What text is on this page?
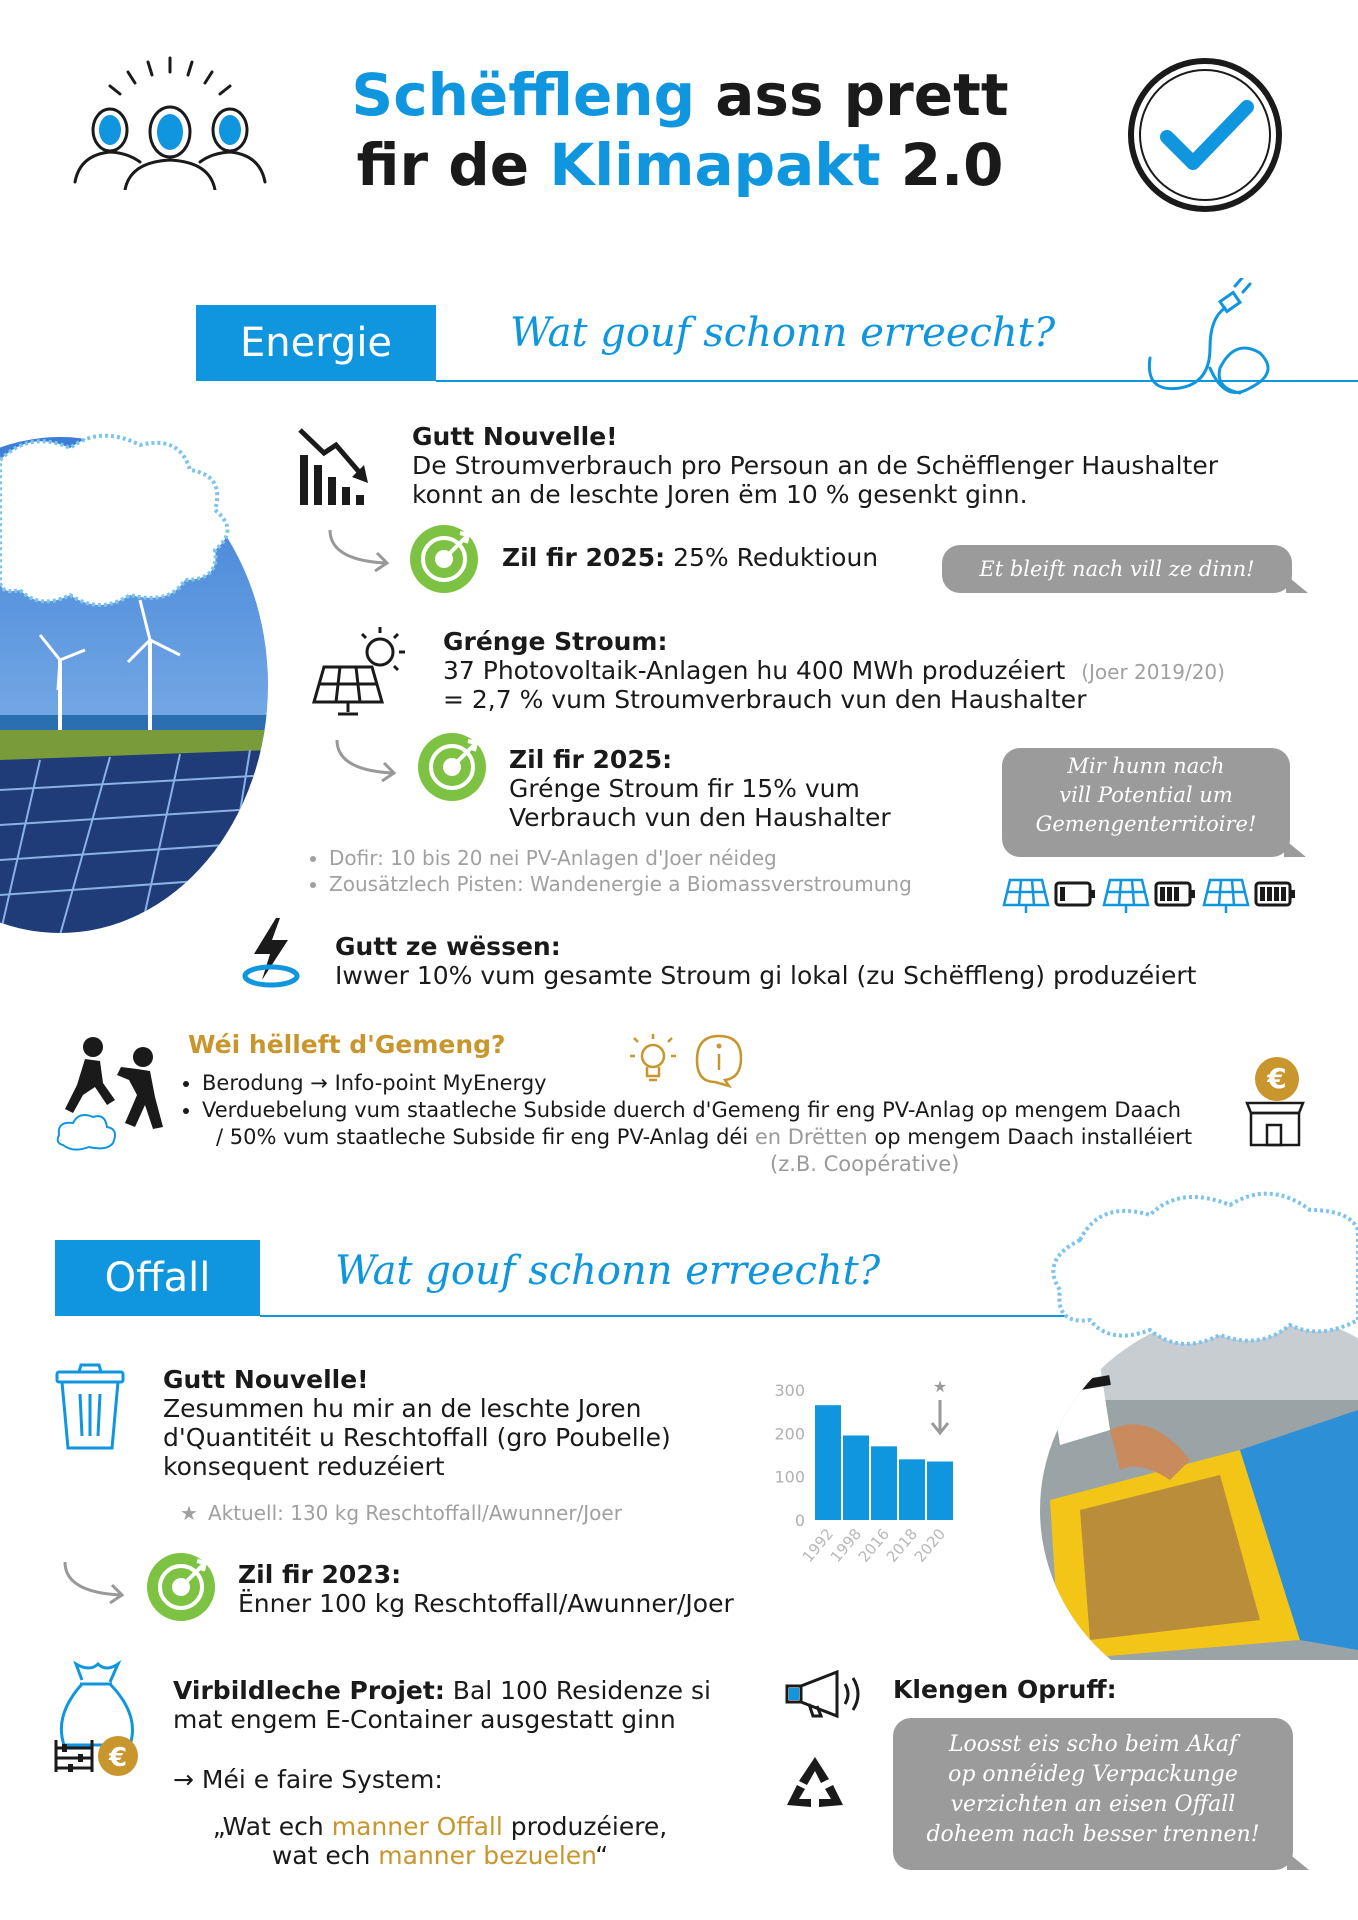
Schëffleng ass prett
fir de Klimapakt 2.0
Energie	Wat gouf schonn erreecht?
Gutt Nouvelle!
De Stroumverbrauch pro Persoun an de Schëfflenger Haushalter
konnt an de leschte Joren ëm 10 % gesenkt ginn.
Zil fir 2025: 25% Reduktioun	Et bleift nach vill ze dinn!
Grénge Stroum:
37 Photovoltaik-Anlagen hu 400 MWh produzéiert (Joer 2019/20)
= 2,7 % vum Stroumverbrauch vun den Haushalter
Zil fir 2025:
Grénge Stroum fir 15% vum
Verbrauch vun den Haushalter
• Dofir: 10 bis 20 nei PV-Anlagen d'Joer néideg
• Zousätzlech Pisten: Wandenergie a Biomassverstroumung
Mir hunn nach
vill Potential um
Gemengenterritoire!
Gutt ze wëssen:
Iwwer 10% vum gesamte Stroum gi lokal (zu Schëffleng) produzéiert
Wéi hëlleft d'Gemeng?
• Berodung → Info-point MyEnergy
• Verduebelung vum staatleche Subside duerch d'Gemeng fir eng PV-Anlag op mengem Daach
/ 50% vum staatleche Subside fir eng PV-Anlag déi en Drëtten op mengem Daach installéiert
(z.B. Coopérative)
€
Offall	Wat gouf schonn erreecht?
Gutt Nouvelle!
Zesummen hu mir an de leschte Joren
d'Quantitéit u Reschtoffall (gro Poubelle)
konsequent reduzéiert
★ Aktuell: 130 kg Reschtoffall/Awunner/Joer
300
200
100
0
1992
1998
2016
2018
2020
★
Zil fir 2023:
Ënner 100 kg Reschtoffall/Awunner/Joer
€
Virbildleche Projet: Bal 100 Residenze si
mat engem E-Container ausgestatt ginn
→ Méi e faire System:
„Wat ech manner Offall produzéiere,
wat ech manner bezuelen“
Klengen Opruff:
Loosst eis scho beim Akaf
op onnéideg Verpackunge
verzichten an eisen Offall
doheem nach besser trennen!
